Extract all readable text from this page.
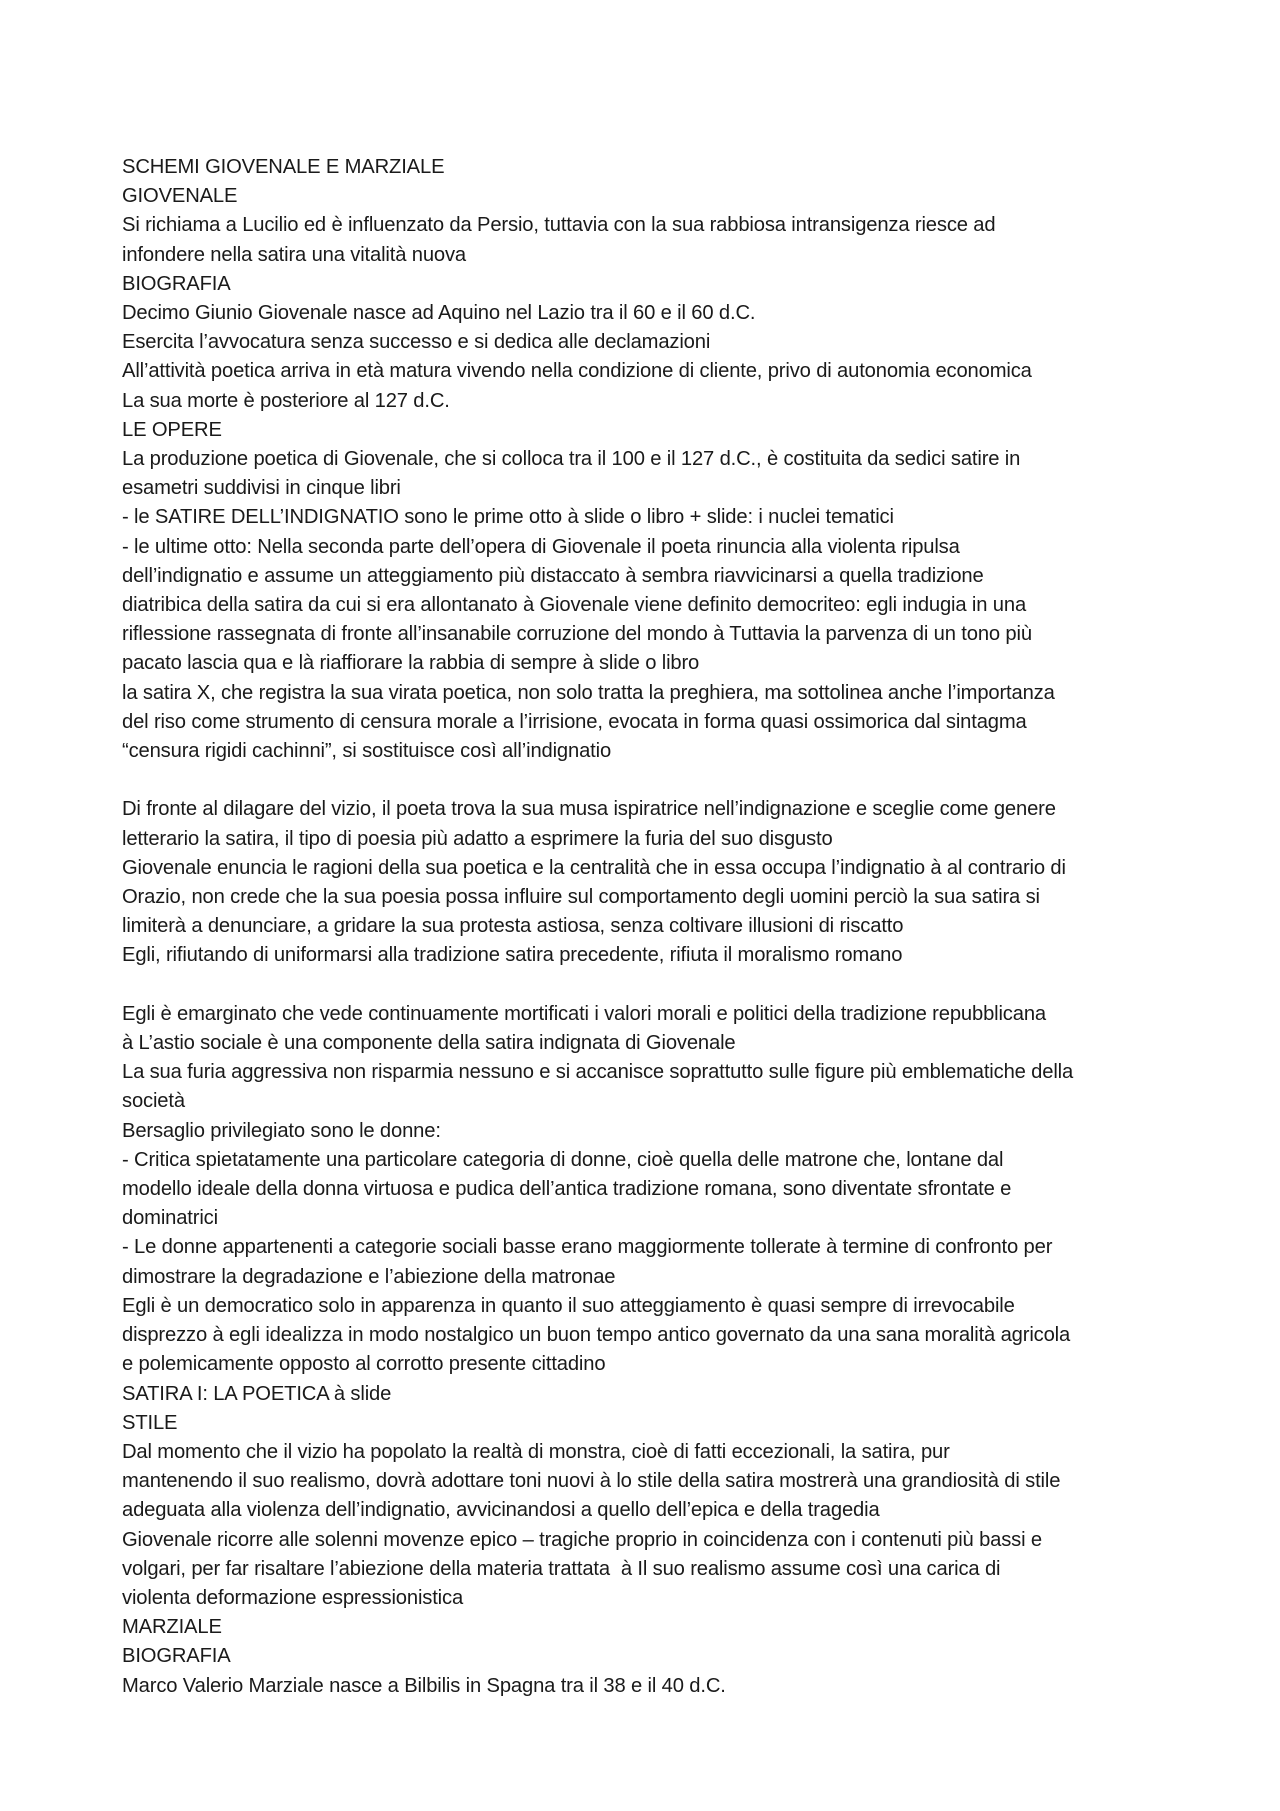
SCHEMI GIOVENALE E MARZIALE
GIOVENALE
Si richiama a Lucilio ed è influenzato da Persio, tuttavia con la sua rabbiosa intransigenza riesce ad
infondere nella satira una vitalità nuova
BIOGRAFIA
Decimo Giunio Giovenale nasce ad Aquino nel Lazio tra il 60 e il 60 d.C.
Esercita l’avvocatura senza successo e si dedica alle declamazioni
All’attività poetica arriva in età matura vivendo nella condizione di cliente, privo di autonomia economica
La sua morte è posteriore al 127 d.C.
LE OPERE
La produzione poetica di Giovenale, che si colloca tra il 100 e il 127 d.C., è costituita da sedici satire in
esametri suddivisi in cinque libri
- le SATIRE DELL’INDIGNATIO sono le prime otto à slide o libro + slide: i nuclei tematici
- le ultime otto: Nella seconda parte dell’opera di Giovenale il poeta rinuncia alla violenta ripulsa
dell’indignatio e assume un atteggiamento più distaccato à sembra riavvicinarsi a quella tradizione
diatribica della satira da cui si era allontanato à Giovenale viene definito democriteo: egli indugia in una
riflessione rassegnata di fronte all’insanabile corruzione del mondo à Tuttavia la parvenza di un tono più
pacato lascia qua e là riaffiorare la rabbia di sempre à slide o libro
la satira X, che registra la sua virata poetica, non solo tratta la preghiera, ma sottolinea anche l’importanza
del riso come strumento di censura morale a l’irrisione, evocata in forma quasi ossimorica dal sintagma
“censura rigidi cachinni”, si sostituisce così all’indignatio
Di fronte al dilagare del vizio, il poeta trova la sua musa ispiratrice nell’indignazione e sceglie come genere
letterario la satira, il tipo di poesia più adatto a esprimere la furia del suo disgusto
Giovenale enuncia le ragioni della sua poetica e la centralità che in essa occupa l’indignatio à al contrario di
Orazio, non crede che la sua poesia possa influire sul comportamento degli uomini perciò la sua satira si
limiterà a denunciare, a gridare la sua protesta astiosa, senza coltivare illusioni di riscatto
Egli, rifiutando di uniformarsi alla tradizione satira precedente, rifiuta il moralismo romano
Egli è emarginato che vede continuamente mortificati i valori morali e politici della tradizione repubblicana
à L’astio sociale è una componente della satira indignata di Giovenale
La sua furia aggressiva non risparmia nessuno e si accanisce soprattutto sulle figure più emblematiche della
società
Bersaglio privilegiato sono le donne:
- Critica spietatamente una particolare categoria di donne, cioè quella delle matrone che, lontane dal
modello ideale della donna virtuosa e pudica dell’antica tradizione romana, sono diventate sfrontate e
dominatrici
- Le donne appartenenti a categorie sociali basse erano maggiormente tollerate à termine di confronto per
dimostrare la degradazione e l’abiezione della matronae
Egli è un democratico solo in apparenza in quanto il suo atteggiamento è quasi sempre di irrevocabile
disprezzo à egli idealizza in modo nostalgico un buon tempo antico governato da una sana moralità agricola
e polemicamente opposto al corrotto presente cittadino
SATIRA I: LA POETICA à slide
STILE
Dal momento che il vizio ha popolato la realtà di monstra, cioè di fatti eccezionali, la satira, pur
mantenendo il suo realismo, dovrà adottare toni nuovi à lo stile della satira mostrerà una grandiosità di stile
adeguata alla violenza dell’indignatio, avvicinandosi a quello dell’epica e della tragedia
Giovenale ricorre alle solenni movenze epico – tragiche proprio in coincidenza con i contenuti più bassi e
volgari, per far risaltare l’abiezione della materia trattata  à Il suo realismo assume così una carica di
violenta deformazione espressionistica
MARZIALE
BIOGRAFIA
Marco Valerio Marziale nasce a Bilbilis in Spagna tra il 38 e il 40 d.C.
